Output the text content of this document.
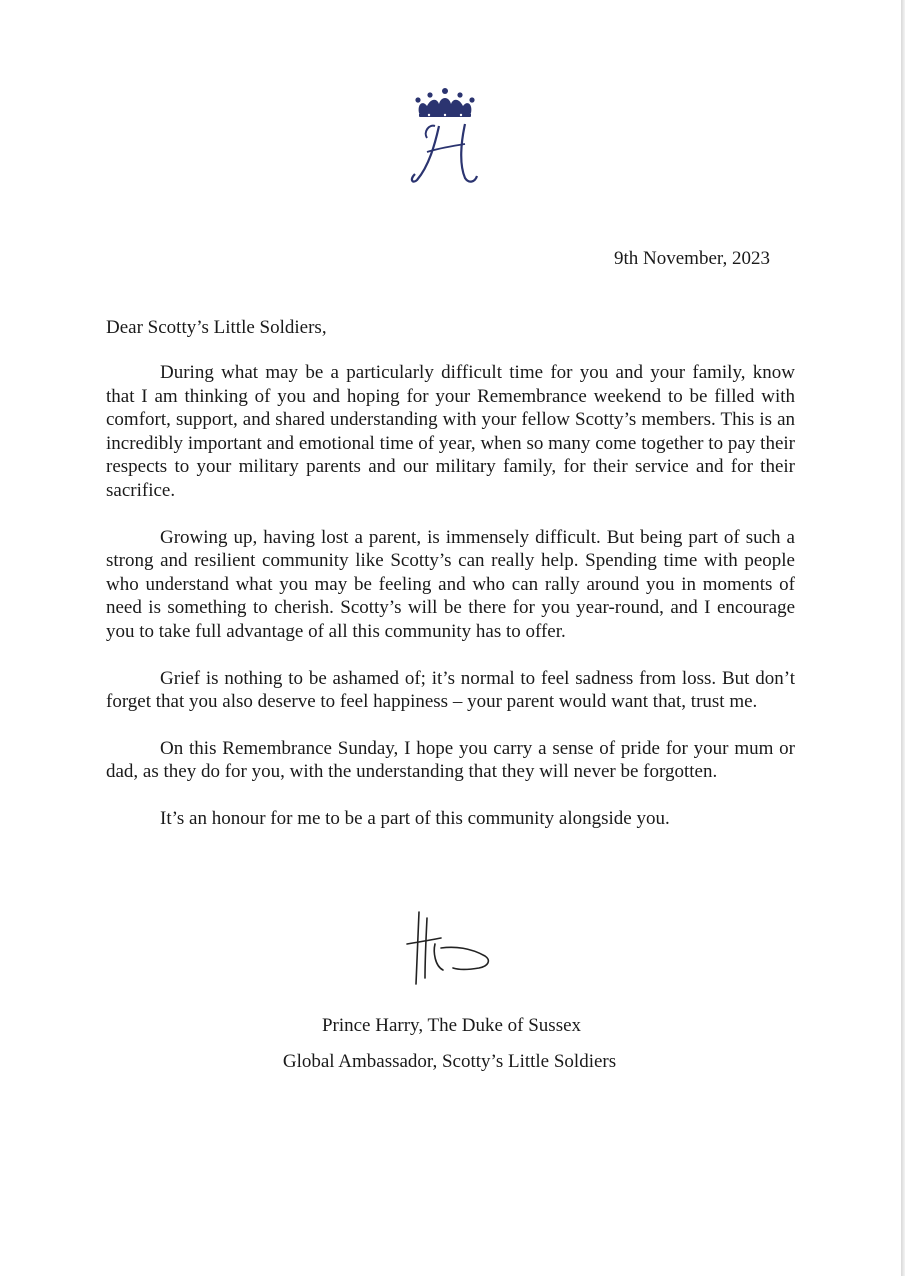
9th November, 2023
Dear Scotty’s Little Soldiers,

During what may be a particularly difficult time for you and your family, know that I am thinking of you and hoping for your Remembrance weekend to be filled with comfort, support, and shared understanding with your fellow Scotty’s members. This is an incredibly important and emotional time of year, when so many come together to pay their respects to your military parents and our military family, for their service and for their sacrifice.

Growing up, having lost a parent, is immensely difficult. But being part of such a strong and resilient community like Scotty’s can really help. Spending time with people who understand what you may be feeling and who can rally around you in moments of need is something to cherish. Scotty’s will be there for you year-round, and I encourage you to take full advantage of all this community has to offer.

Grief is nothing to be ashamed of; it’s normal to feel sadness from loss. But don’t forget that you also deserve to feel happiness – your parent would want that, trust me.

On this Remembrance Sunday, I hope you carry a sense of pride for your mum or dad, as they do for you, with the understanding that they will never be forgotten.

It’s an honour for me to be a part of this community alongside you.

Prince Harry, The Duke of Sussex
Global Ambassador, Scotty’s Little Soldiers
